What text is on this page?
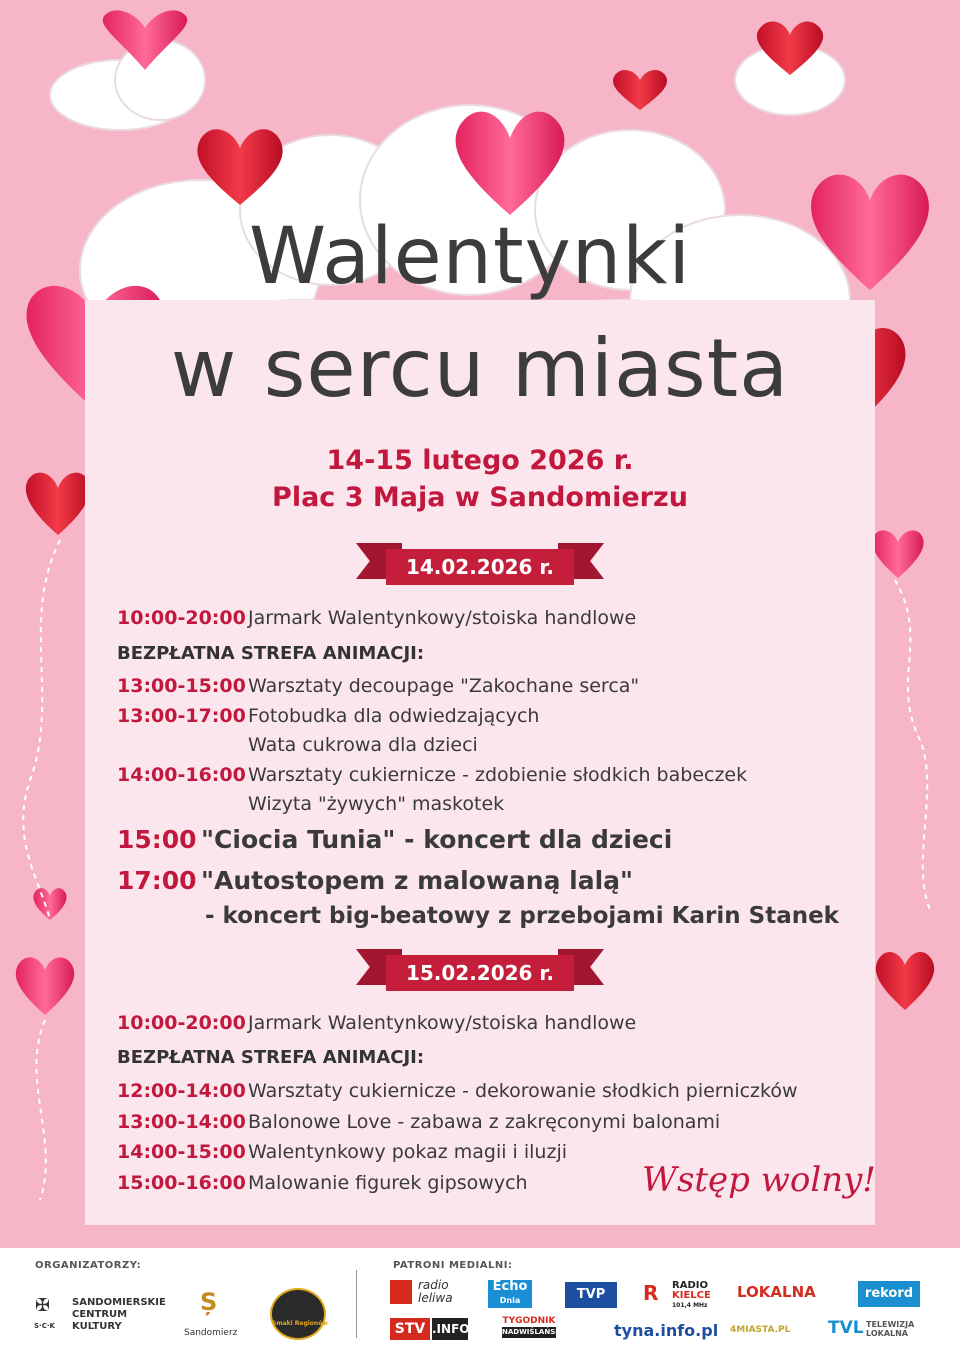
Walentynki
w sercu miasta
14-15 lutego 2026 r.
Plac 3 Maja w Sandomierzu
14.02.2026 r.
10:00-20:00 Jarmark Walentynkowy/stoiska handlowe
BEZPŁATNA STREFA ANIMACJI:
13:00-15:00 Warsztaty decoupage "Zakochane serca"
13:00-17:00 Fotobudka dla odwiedzających
Wata cukrowa dla dzieci
14:00-16:00 Warsztaty cukiernicze - zdobienie słodkich babeczek
Wizyta "żywych" maskotek
15:00 "Ciocia Tunia" - koncert dla dzieci
17:00 "Autostopem z malowaną lalą"
- koncert big-beatowy z przebojami Karin Stanek
15.02.2026 r.
10:00-20:00 Jarmark Walentynkowy/stoiska handlowe
BEZPŁATNA STREFA ANIMACJI:
12:00-14:00 Warsztaty cukiernicze - dekorowanie słodkich pierniczków
13:00-14:00 Balonowe Love - zabawa z zakręconymi balonami
14:00-15:00 Walentynkowy pokaz magii i iluzji
15:00-16:00 Malowanie figurek gipsowych	Wstęp wolny!
ORGANIZATORZY:	PATRONI MEDIALNI:
✠
S·C·K
SANDOMIERSKIE
CENTRUM
KULTURY
Ș
Sandomierz
Smaki Regionów
radio
leliwa
Echo
Dnia	TVP	R RADIO
KIELCE
101,4 MHz
LOKALNA	rekord
STV .INFO
TYGODNIK
NADWIŚLAŃSKI	tyna.info.pl 4MIASTA.PL TVL TELEWIZJA
LOKALNA
